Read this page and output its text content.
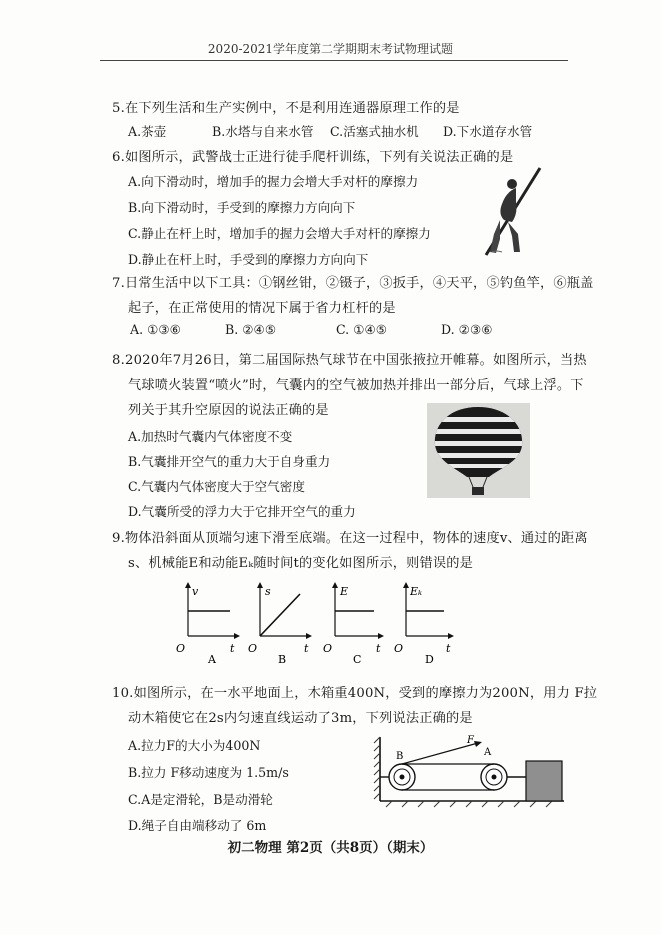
2020-2021学年度第二学期期末考试物理试题
5.在下列生活和生产实例中，不是利用连通器原理工作的是
A.茶壶	B.水塔与自来水管 C.活塞式抽水机 D.下水道存水管
6.如图所示，武警战士正进行徒手爬杆训练，下列有关说法正确的是
A.向下滑动时，增加手的握力会增大手对杆的摩擦力
B.向下滑动时，手受到的摩擦力方向向下
C.静止在杆上时，增加手的握力会增大手对杆的摩擦力
D.静止在杆上时，手受到的摩擦力方向向下
7.日常生活中以下工具：①钢丝钳，②镊子，③扳手，④天平，⑤钓鱼竿，⑥瓶盖
起子，在正常使用的情况下属于省力杠杆的是
A. ①③⑥	B. ②④⑤	C. ①④⑤	D. ②③⑥
8.2020年7月26日，第二届国际热气球节在中国张掖拉开帷幕。如图所示，当热
气球喷火装置“喷火”时，气囊内的空气被加热并排出一部分后，气球上浮。下
列关于其升空原因的说法正确的是
A.加热时气囊内气体密度不变
B.气囊排开空气的重力大于自身重力
C.气囊内气体密度大于空气密度
D.气囊所受的浮力大于它排开空气的重力
9.物体沿斜面从顶端匀速下滑至底端。在这一过程中，物体的速度v、通过的距离
s、机械能E和动能Eₖ随时间t的变化如图所示，则错误的是
v
t
O
A
s
t
O
B
E
t
O
C
Eₖ
t
O
D
10.如图所示，在一水平地面上，木箱重400N，受到的摩擦力为200N，用力 F拉
动木箱使它在2s内匀速直线运动了3m，下列说法正确的是
A.拉力F的大小为400N
B.拉力 F移动速度为 1.5m/s
C.A是定滑轮，B是动滑轮
D.绳子自由端移动了 6m
B	A
F
初二物理 第2页（共8页）（期末）
